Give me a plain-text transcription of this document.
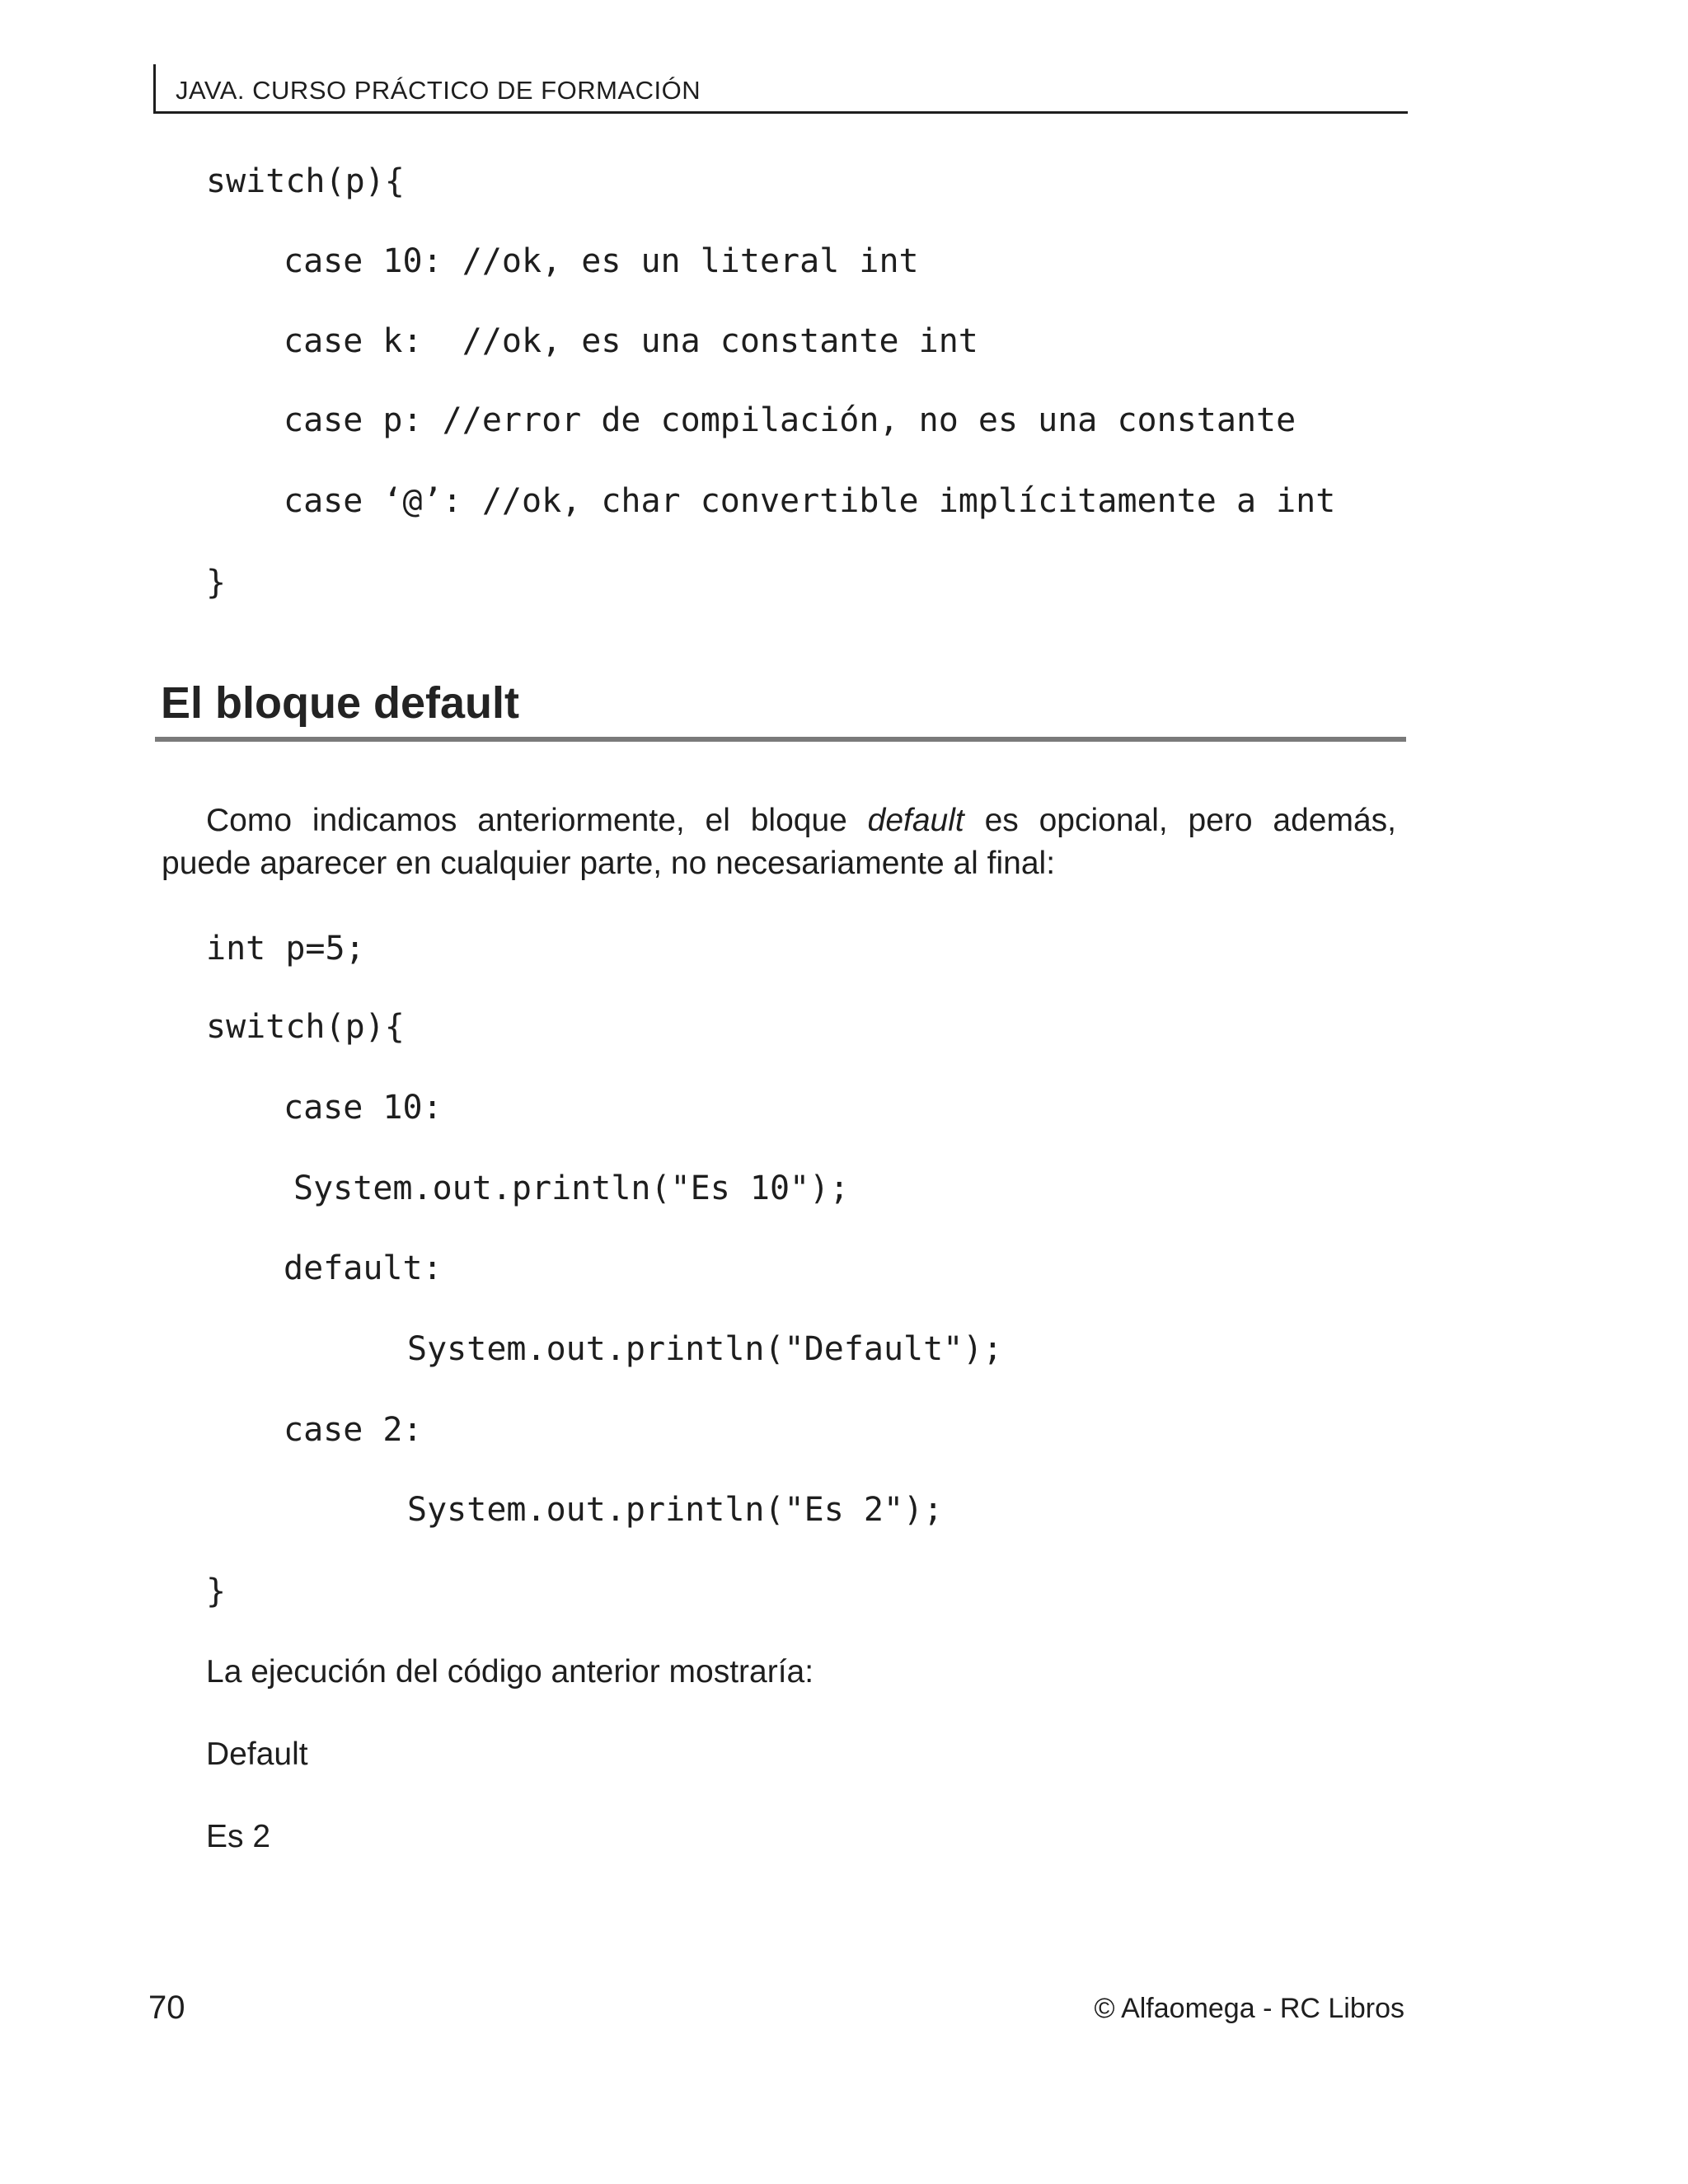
JAVA. CURSO PRÁCTICO DE FORMACIÓN
switch(p){
case 10: //ok, es un literal int
case k:  //ok, es una constante int
case p: //error de compilación, no es una constante
case ‘@’: //ok, char convertible implícitamente a int
}
El bloque default
Como indicamos anteriormente, el bloque default es opcional, pero además,
puede aparecer en cualquier parte, no necesariamente al final:
int p=5;
switch(p){
case 10:
System.out.println("Es 10");
default:
System.out.println("Default");
case 2:
System.out.println("Es 2");
}
La ejecución del código anterior mostraría:
Default
Es 2
70	© Alfaomega - RC Libros
